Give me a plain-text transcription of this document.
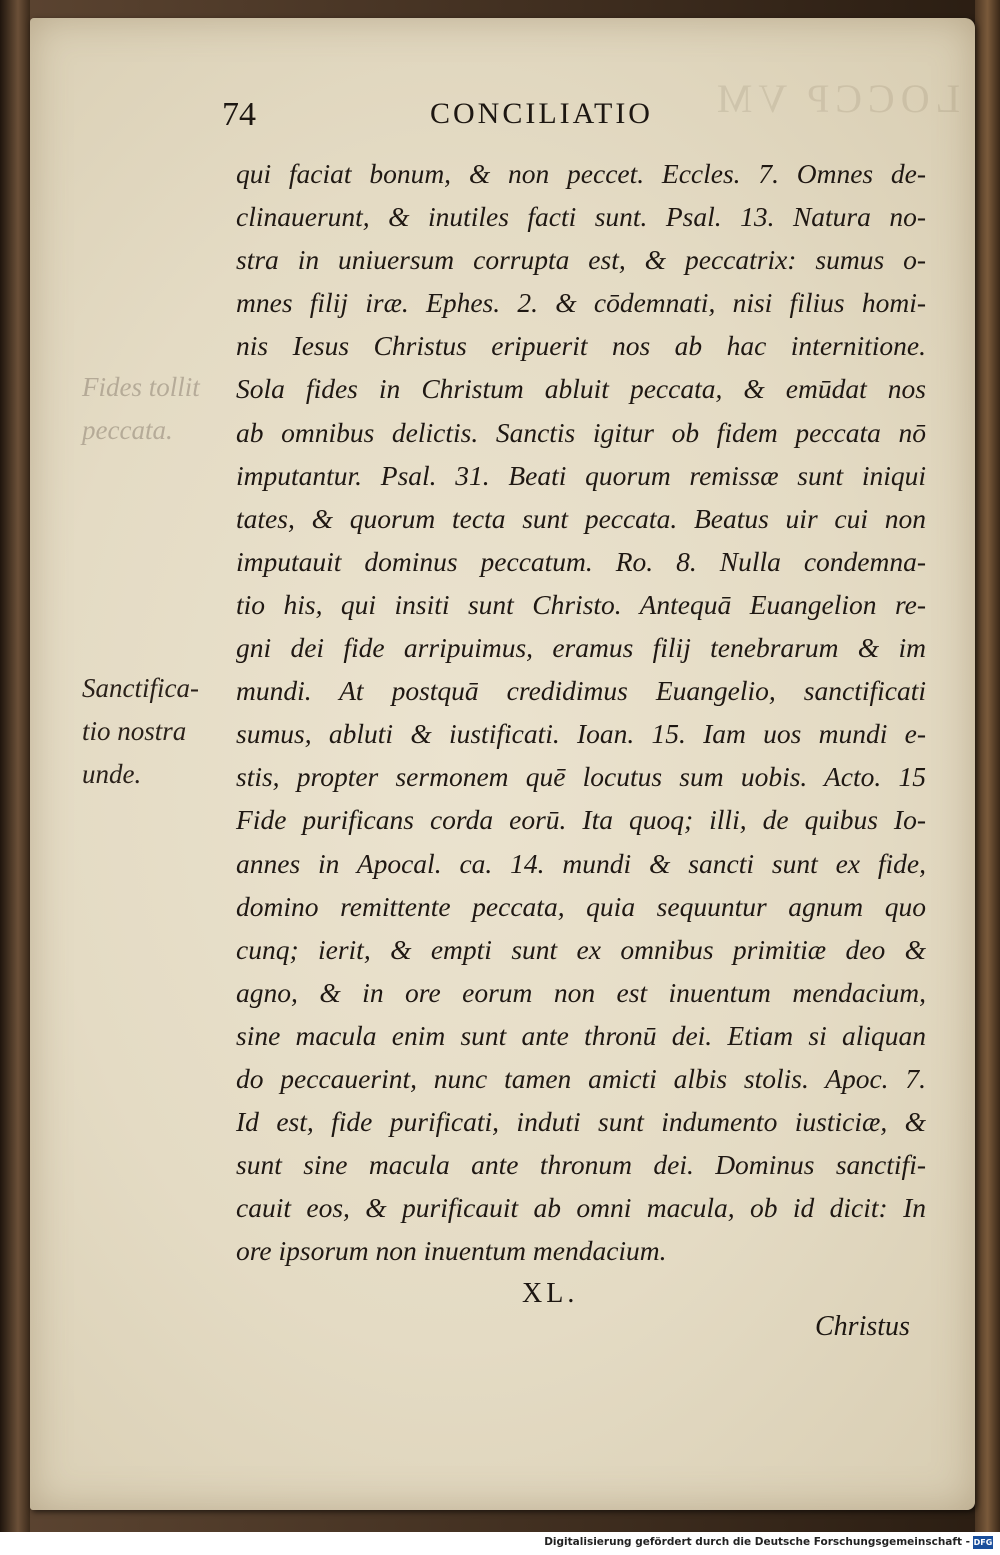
LOCCP VM
74	CONCILIATIO
Fides tollit
peccata.
Sanctifica-
tio nostra
unde.
qui faciat bonum, & non peccet. Eccles. 7. Omnes de-
clinauerunt, & inutiles facti sunt. Psal. 13. Natura no-
stra in uniuersum corrupta est, & peccatrix: sumus o-
mnes filij iræ. Ephes. 2. & cōdemnati, nisi filius homi-
nis Iesus Christus eripuerit nos ab hac internitione.
Sola fides in Christum abluit peccata, & emūdat nos
ab omnibus delictis. Sanctis igitur ob fidem peccata nō
imputantur. Psal. 31. Beati quorum remissæ sunt iniqui
tates, & quorum tecta sunt peccata. Beatus uir cui non
imputauit dominus peccatum. Ro. 8. Nulla condemna-
tio his, qui insiti sunt Christo. Antequā Euangelion re-
gni dei fide arripuimus, eramus filij tenebrarum & im
mundi. At postquā credidimus Euangelio, sanctificati
sumus, abluti & iustificati. Ioan. 15. Iam uos mundi e-
stis, propter sermonem quē locutus sum uobis. Acto. 15
Fide purificans corda eorū. Ita quoq; illi, de quibus Io-
annes in Apocal. ca. 14. mundi & sancti sunt ex fide,
domino remittente peccata, quia sequuntur agnum quo
cunq; ierit, & empti sunt ex omnibus primitiæ deo &
agno, & in ore eorum non est inuentum mendacium,
sine macula enim sunt ante thronū dei. Etiam si aliquan
do peccauerint, nunc tamen amicti albis stolis. Apoc. 7.
Id est, fide purificati, induti sunt indumento iusticiæ, &
sunt sine macula ante thronum dei. Dominus sanctifi-
cauit eos, & purificauit ab omni macula, ob id dicit: In
ore ipsorum non inuentum mendacium.
XL.
Christus
Digitalisierung gefördert durch die Deutsche Forschungsgemeinschaft - DFG
